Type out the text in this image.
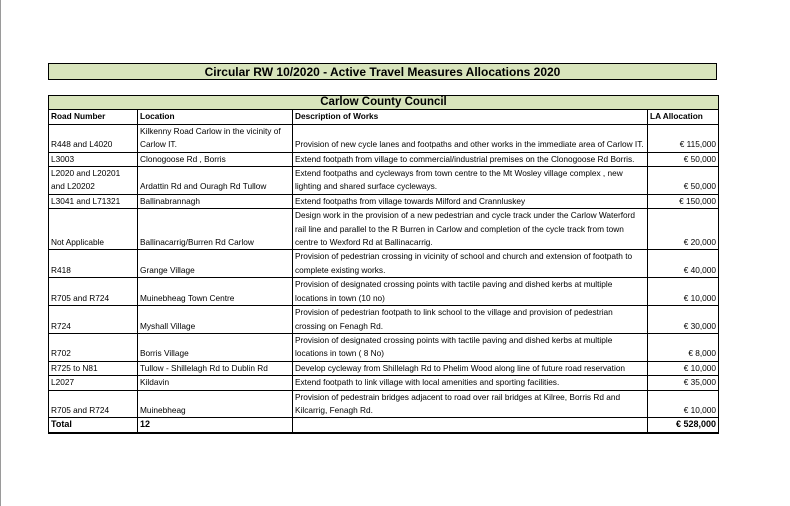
Circular RW 10/2020 - Active Travel Measures Allocations 2020
Carlow County Council			
Road Number	Location	Description of Works	LA Allocation
R448 and L4020	Kilkenny Road Carlow in the vicinity of Carlow IT.	Provision of new cycle lanes and footpaths and other works in the immediate area of Carlow IT.	€ 115,000
L3003	Clonogoose Rd , Borris	Extend footpath from village to commercial/industrial premises on the Clonogoose Rd Borris.	€ 50,000
L2020 and L20201 and L20202	Ardattin Rd and Ouragh Rd Tullow	Extend footpaths and cycleways from town centre to the Mt Wosley village complex , new lighting and shared surface cycleways.	€ 50,000
L3041 and L71321	Ballinabrannagh	Extend footpaths from village towards Milford and Crannluskey	€ 150,000
Not Applicable	Ballinacarrig/Burren Rd Carlow	Design work in the provision of a new pedestrian and cycle track under the Carlow Waterford rail line and parallel to the R Burren in Carlow and completion of the cycle track from town centre to Wexford Rd at Ballinacarrig.	€ 20,000
R418	Grange Village	Provision of pedestrian crossing in vicinity of school and church and extension of footpath to complete existing works.	€ 40,000
R705 and R724	Muinebheag Town Centre	Provision of designated crossing points with tactile paving and dished kerbs at multiple locations in town (10 no)	€ 10,000
R724	Myshall Village	Provision of pedestrian footpath to link school to the village and provision of pedestrian crossing on Fenagh Rd.	€ 30,000
R702	Borris Village	Provision of designated crossing points with tactile paving and dished kerbs at multiple locations in town ( 8 No)	€ 8,000
R725 to N81	Tullow - Shillelagh Rd to Dublin Rd	Develop cycleway from Shillelagh Rd to Phelim Wood along line of future road reservation	€ 10,000
L2027	Kildavin	Extend footpath to link village with local amenities and sporting facilities.	€ 35,000
R705 and R724	Muinebheag	Provision of pedestrain bridges adjacent to road over rail bridges at Kilree, Borris Rd and Kilcarrig, Fenagh Rd.	€ 10,000
Total	12		€ 528,000
